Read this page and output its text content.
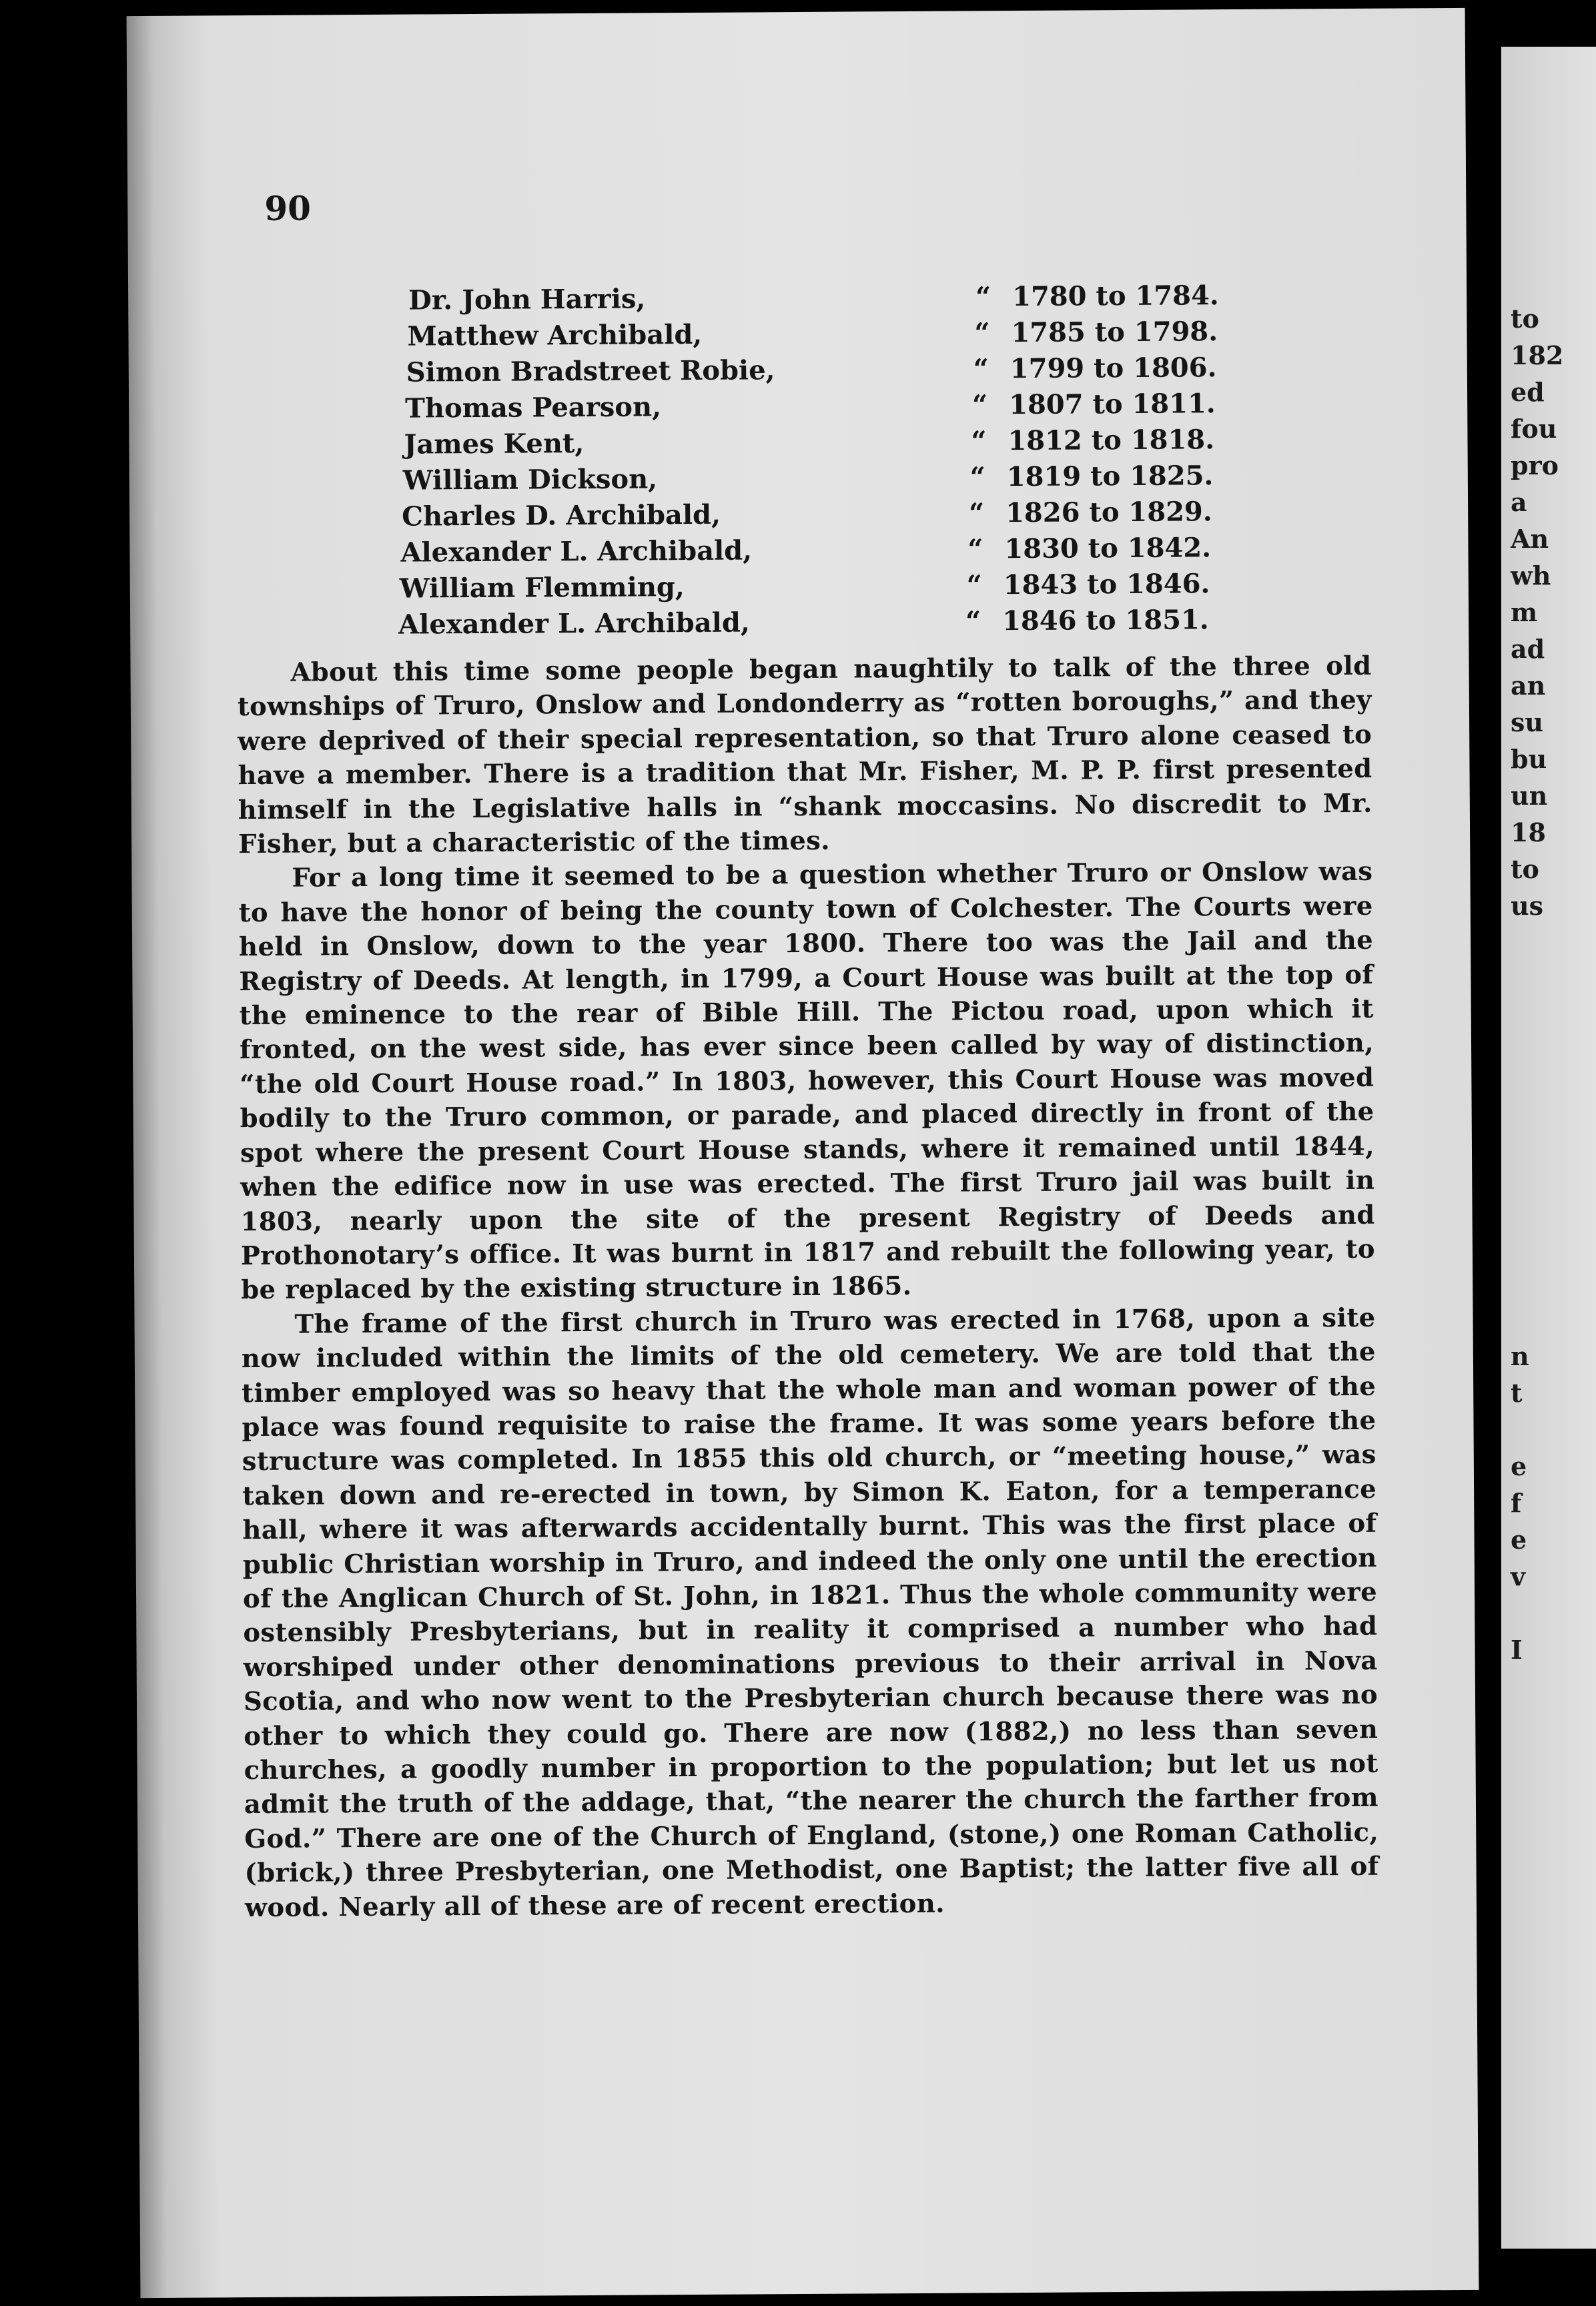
90
Dr. John Harris,	“ 1780 to 1784.
Matthew Archibald,	“ 1785 to 1798.
Simon Bradstreet Robie,	“ 1799 to 1806.
Thomas Pearson,	“ 1807 to 1811.
James Kent,	“ 1812 to 1818.
William Dickson,	“ 1819 to 1825.
Charles D. Archibald,	“ 1826 to 1829.
Alexander L. Archibald,	“ 1830 to 1842.
William Flemming,	“ 1843 to 1846.
Alexander L. Archibald,	“ 1846 to 1851.

About this time some people began naughtily to talk of the three old townships of Truro, Onslow and Londonderry as “rotten boroughs,” and they were deprived of their special representation, so that Truro alone ceased to have a member. There is a tradition that Mr. Fisher, M. P. P. first presented himself in the Legislative halls in “shank moccasins. No discredit to Mr. Fisher, but a characteristic of the times.

For a long time it seemed to be a question whether Truro or Onslow was to have the honor of being the county town of Colchester. The Courts were held in Onslow, down to the year 1800. There too was the Jail and the Registry of Deeds. At length, in 1799, a Court House was built at the top of the eminence to the rear of Bible Hill. The Pictou road, upon which it fronted, on the west side, has ever since been called by way of distinction, “the old Court House road.” In 1803, however, this Court House was moved bodily to the Truro common, or parade, and placed directly in front of the spot where the present Court House stands, where it remained until 1844, when the edifice now in use was erected. The first Truro jail was built in 1803, nearly upon the site of the present Registry of Deeds and Prothonotary’s office. It was burnt in 1817 and rebuilt the following year, to be replaced by the existing structure in 1865.

The frame of the first church in Truro was erected in 1768, upon a site now included within the limits of the old cemetery. We are told that the timber employed was so heavy that the whole man and woman power of the place was found requisite to raise the frame. It was some years before the structure was completed. In 1855 this old church, or “meeting house,” was taken down and re-erected in town, by Simon K. Eaton, for a temperance hall, where it was afterwards accidentally burnt. This was the first place of public Christian worship in Truro, and indeed the only one until the erection of the Anglican Church of St. John, in 1821. Thus the whole community were ostensibly Presbyterians, but in reality it comprised a number who had worshiped under other denominations previous to their arrival in Nova Scotia, and who now went to the Presbyterian church because there was no other to which they could go. There are now (1882,) no less than seven churches, a goodly number in proportion to the population; but let us not admit the truth of the addage, that, “the nearer the church the farther from God.” There are one of the Church of England, (stone,) one Roman Catholic, (brick,) three Presbyterian, one Methodist, one Baptist; the latter five all of wood. Nearly all of these are of recent erection.

to
182
ed
fou
pro
a
An
wh
m
ad
an
su
bu
un
18
to
us
n
t
e
f
e
v
I
